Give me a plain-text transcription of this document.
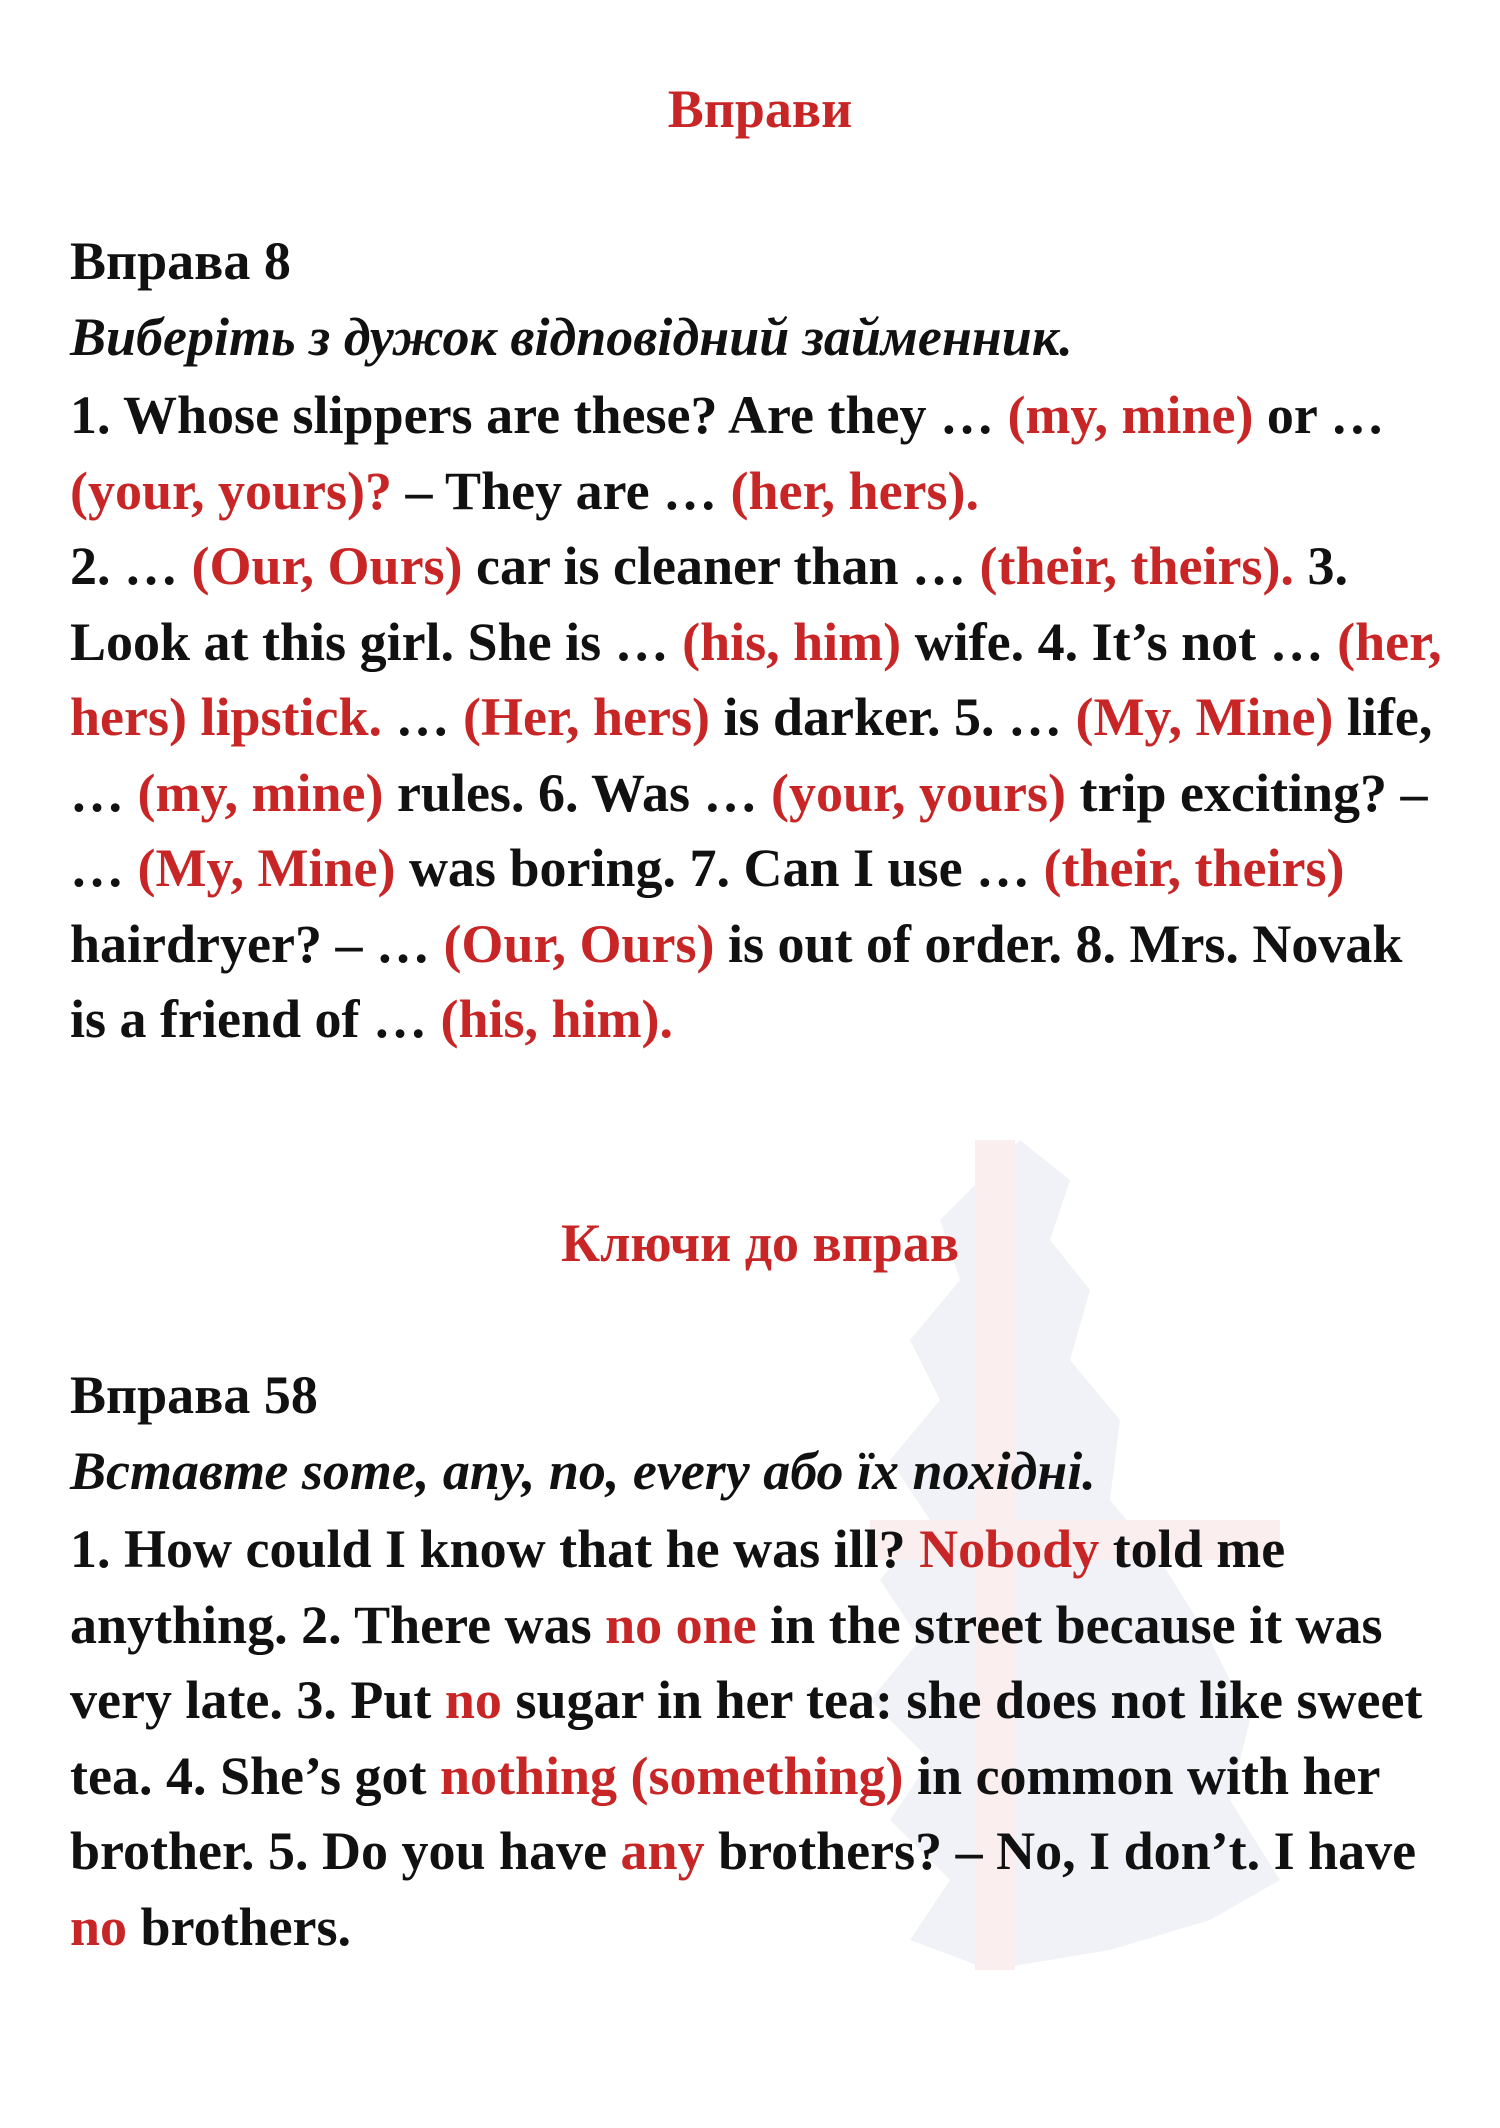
Вправи
Вправа 8

Виберіть з дужок відповідний займенник.

1. Whose slippers are these? Are they … (my, mine) or … (your, yours)? – They are … (her, hers).
2. … (Our, Ours) car is cleaner than … (their, theirs). 3. Look at this girl. She is … (his, him) wife. 4. It’s not … (her, hers) lipstick. … (Her, hers) is darker. 5. … (My, Mine) life, … (my, mine) rules. 6. Was … (your, yours) trip exciting? – … (My, Mine) was boring. 7. Can I use … (their, theirs) hairdryer? – … (Our, Ours) is out of order. 8. Mrs. Novak is a friend of … (his, him).

Ключи до вправ
Вправа 58

Вставте some, any, no, every або їх похідні.

1. How could I know that he was ill? Nobody told me anything. 2. There was no one in the street because it was very late. 3. Put no sugar in her tea: she does not like sweet tea. 4. She’s got nothing (something) in common with her brother. 5. Do you have any brothers? – No, I don’t. I have no brothers.
